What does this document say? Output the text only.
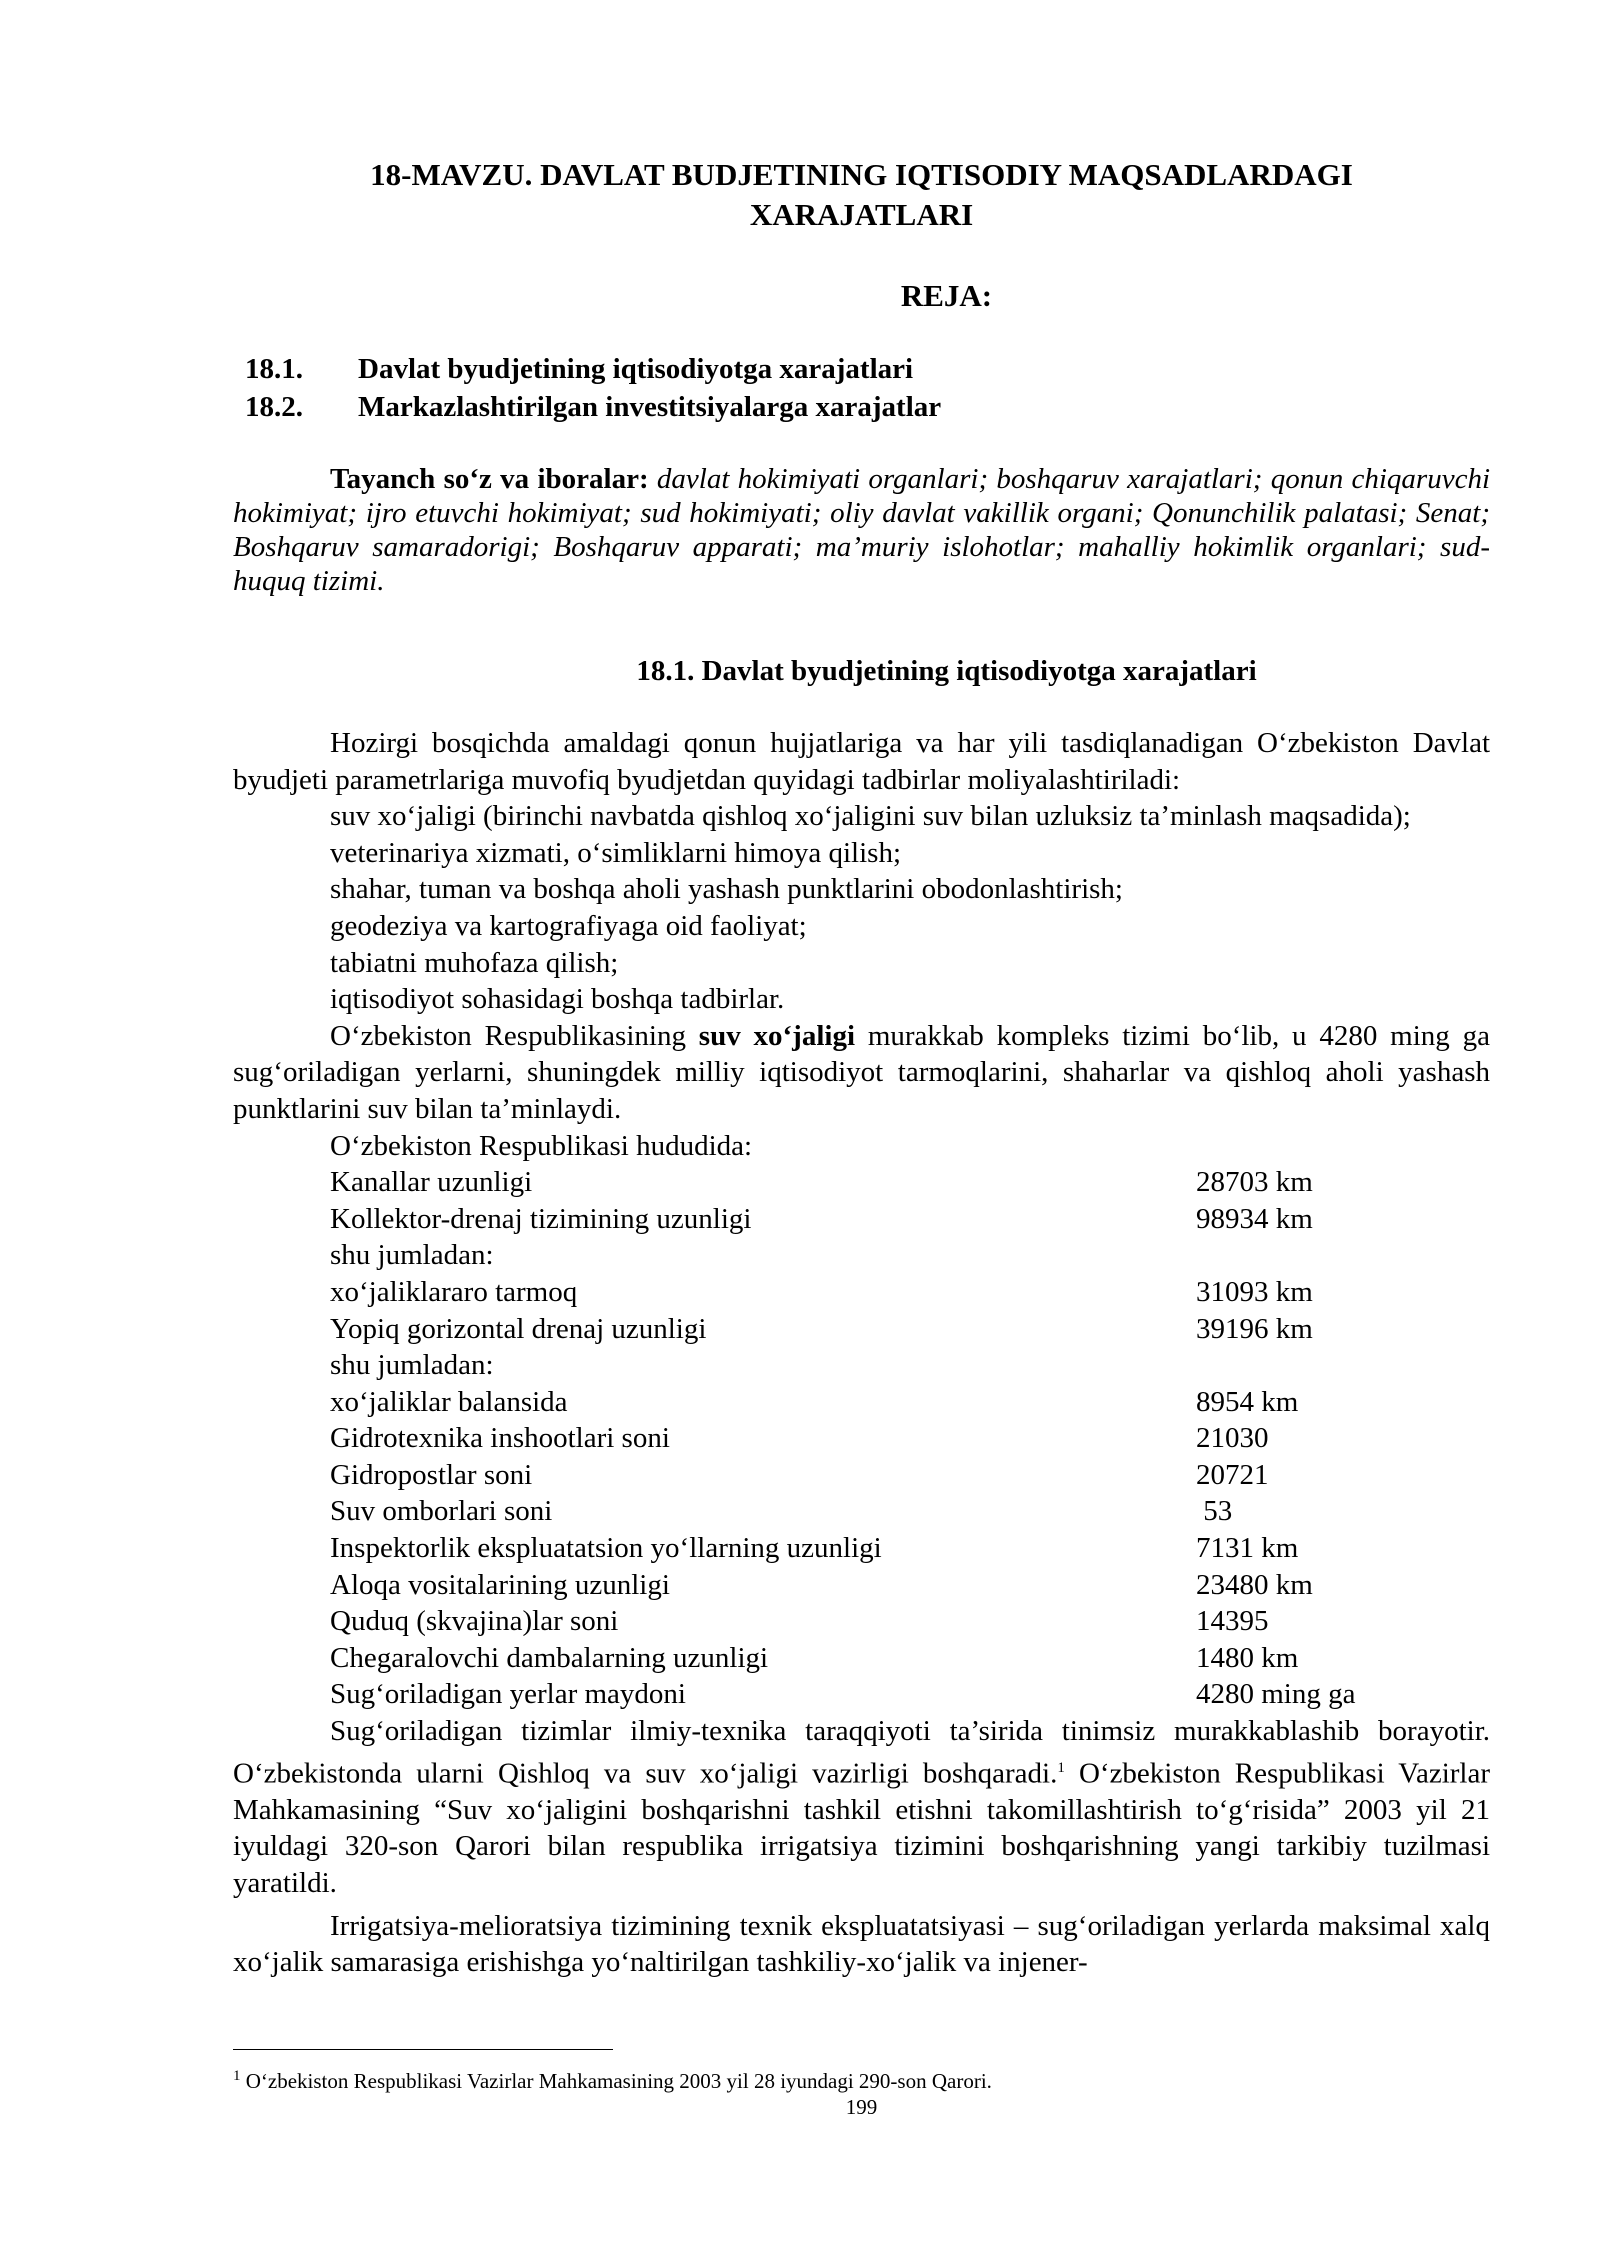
18-MAVZU. DAVLAT BUDJETINING IQTISODIY MAQSADLARDAGI
XARAJATLARI
REJA:
18.1.	Davlat byudjetining iqtisodiyotga xarajatlari
18.2.	Markazlashtirilgan investitsiyalarga xarajatlar

Tayanch so‘z va iboralar: davlat hokimiyati organlari; boshqaruv xarajatlari; qonun chiqaruvchi hokimiyat; ijro etuvchi hokimiyat; sud hokimiyati; oliy davlat vakillik organi; Qonunchilik palatasi; Senat; Boshqaruv samaradorigi; Boshqaruv apparati; ma’muriy islohotlar; mahalliy hokimlik organlari; sud-huquq tizimi.

18.1. Davlat byudjetining iqtisodiyotga xarajatlari

Hozirgi bosqichda amaldagi qonun hujjatlariga va har yili tasdiqlanadigan O‘zbekiston Davlat byudjeti parametrlariga muvofiq byudjetdan quyidagi tadbirlar moliyalashtiriladi:

suv xo‘jaligi (birinchi navbatda qishloq xo‘jaligini suv bilan uzluksiz ta’minlash maqsadida);

veterinariya xizmati, o‘simliklarni himoya qilish;

shahar, tuman va boshqa aholi yashash punktlarini obodonlashtirish;

geodeziya va kartografiyaga oid faoliyat;

tabiatni muhofaza qilish;

iqtisodiyot sohasidagi boshqa tadbirlar.

O‘zbekiston Respublikasining suv xo‘jaligi murakkab kompleks tizimi bo‘lib, u 4280 ming ga sug‘oriladigan yerlarni, shuningdek milliy iqtisodiyot tarmoqlarini, shaharlar va qishloq aholi yashash punktlarini suv bilan ta’minlaydi.

O‘zbekiston Respublikasi hududida:

Kanallar uzunligi	28703 km
Kollektor-drenaj tizimining uzunligi	98934 km
shu jumladan:
xo‘jaliklararo tarmoq	31093 km
Yopiq gorizontal drenaj uzunligi	39196 km
shu jumladan:
xo‘jaliklar balansida	8954 km
Gidrotexnika inshootlari soni	21030
Gidropostlar soni	20721
Suv omborlari soni	53
Inspektorlik ekspluatatsion yo‘llarning uzunligi	7131 km
Aloqa vositalarining uzunligi	23480 km
Quduq (skvajina)lar soni	14395
Chegaralovchi dambalarning uzunligi	1480 km
Sug‘oriladigan yerlar maydoni	4280 ming ga

Sug‘oriladigan tizimlar ilmiy-texnika taraqqiyoti ta’sirida tinimsiz murakkablashib borayotir. O‘zbekistonda ularni Qishloq va suv xo‘jaligi vazirligi boshqaradi.$^1$ O‘zbekiston Respublikasi Vazirlar Mahkamasining “Suv xo‘jaligini boshqarishni tashkil etishni takomillashtirish to‘g‘risida” 2003 yil 21 iyuldagi 320-son Qarori bilan respublika irrigatsiya tizimini boshqarishning yangi tarkibiy tuzilmasi yaratildi.

Irrigatsiya-melioratsiya tizimining texnik ekspluatatsiyasi – sug‘oriladigan yerlarda maksimal xalq xo‘jalik samarasiga erishishga yo‘naltirilgan tashkiliy-xo‘jalik va injener-

$^1$ O‘zbekiston Respublikasi Vazirlar Mahkamasining 2003 yil 28 iyundagi 290-son Qarori.
199
